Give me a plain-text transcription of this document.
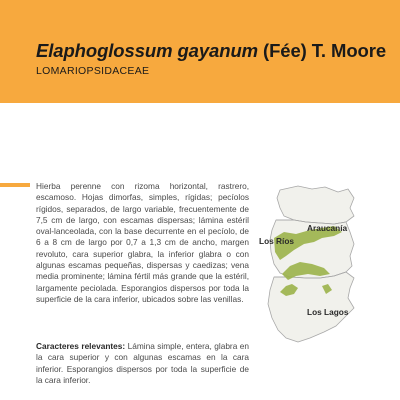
Elaphoglossum gayanum (Fée) T. Moore
LOMARIOPSIDACEAE

Hierba perenne con rizoma horizontal, rastrero, escamoso. Hojas dimorfas, simples, rígidas; pecíolos rígidos, separados, de largo variable, frecuentemente de 7,5 cm de largo, con escamas dispersas; lámina estéril oval-lanceolada, con la base decurrente en el pecíolo, de 6 a 8 cm de largo por 0,7 a 1,3 cm de ancho, margen revoluto, cara superior glabra, la inferior glabra o con algunas escamas pequeñas, dispersas y caedizas; vena media prominente; lámina fértil más grande que la estéril, largamente peciolada. Esporangios dispersos por toda la superficie de la cara inferior, ubicados sobre las venillas.

Caracteres relevantes: Lámina simple, entera, glabra en la cara superior y con algunas escamas en la cara inferior. Esporangios dispersos por toda la superficie de la cara inferior.

Araucanía
Los Ríos
Los Lagos
